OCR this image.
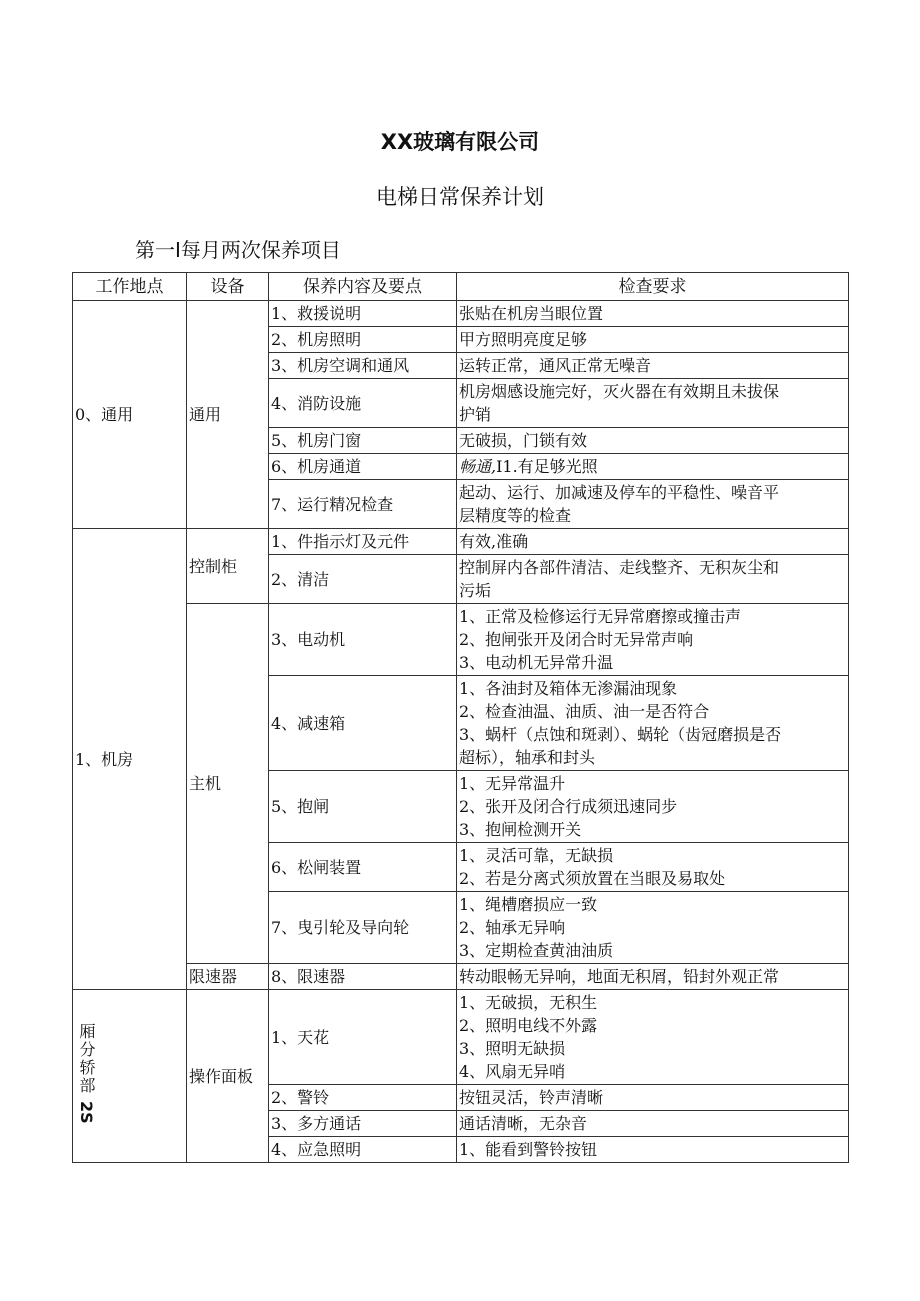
XX玻璃有限公司
电梯日常保养计划
第一I每月两次保养项目
工作地点	设备	保养内容及要点	检查要求
0、通用	通用	1、救援说明	张贴在机房当眼位置

		2、机房照明	甲方照明亮度足够

		3、机房空调和通风	运转正常，通风正常无噪音

		4、消防设施	机房烟感设施完好，灭火器在有效期且未拔保
护销

		5、机房门窗	无破损，门锁有效

		6、机房通道	畅通,I1.有足够光照
		7、运行精况检查	起动、运行、加减速及停车的平稳性、噪音平
层精度等的检查

1、机房	控制柜	1、件指示灯及元件	有效,准确

		2、清洁	控制屏内各部件清洁、走线整齐、无积灰尘和
污垢

	主机	3、电动机	1、正常及检修运行无异常磨擦或撞击声
2、抱闸张开及闭合时无异常声响
3、电动机无异常升温

		4、减速箱	1、各油封及箱体无渗漏油现象
2、检查油温、油质、油一是否符合
3、蜗杆（点蚀和斑剥）、蜗轮（齿冠磨损是否
超标），轴承和封头

		5、抱闸	1、无异常温升
2、张开及闭合行成须迅速同步
3、抱闸检测开关

		6、松闸装置	1、灵活可靠，无缺损
2、若是分离式须放置在当眼及易取处

		7、曳引轮及导向轮	1、绳槽磨损应一致
2、轴承无异响
3、定期检查黄油油质

	限速器	8、限速器	转动眼畅无异响，地面无积屑，铅封外观正常

厢分轿部
2S	操作面板	1、天花	1、无破损，无积生
2、照明电线不外露
3、照明无缺损
4、风扇无异哨

		2、警铃	按钮灵活，铃声清晰

		3、多方通话	通话清晰，无杂音

		4、应急照明	1、能看到警铃按钮
